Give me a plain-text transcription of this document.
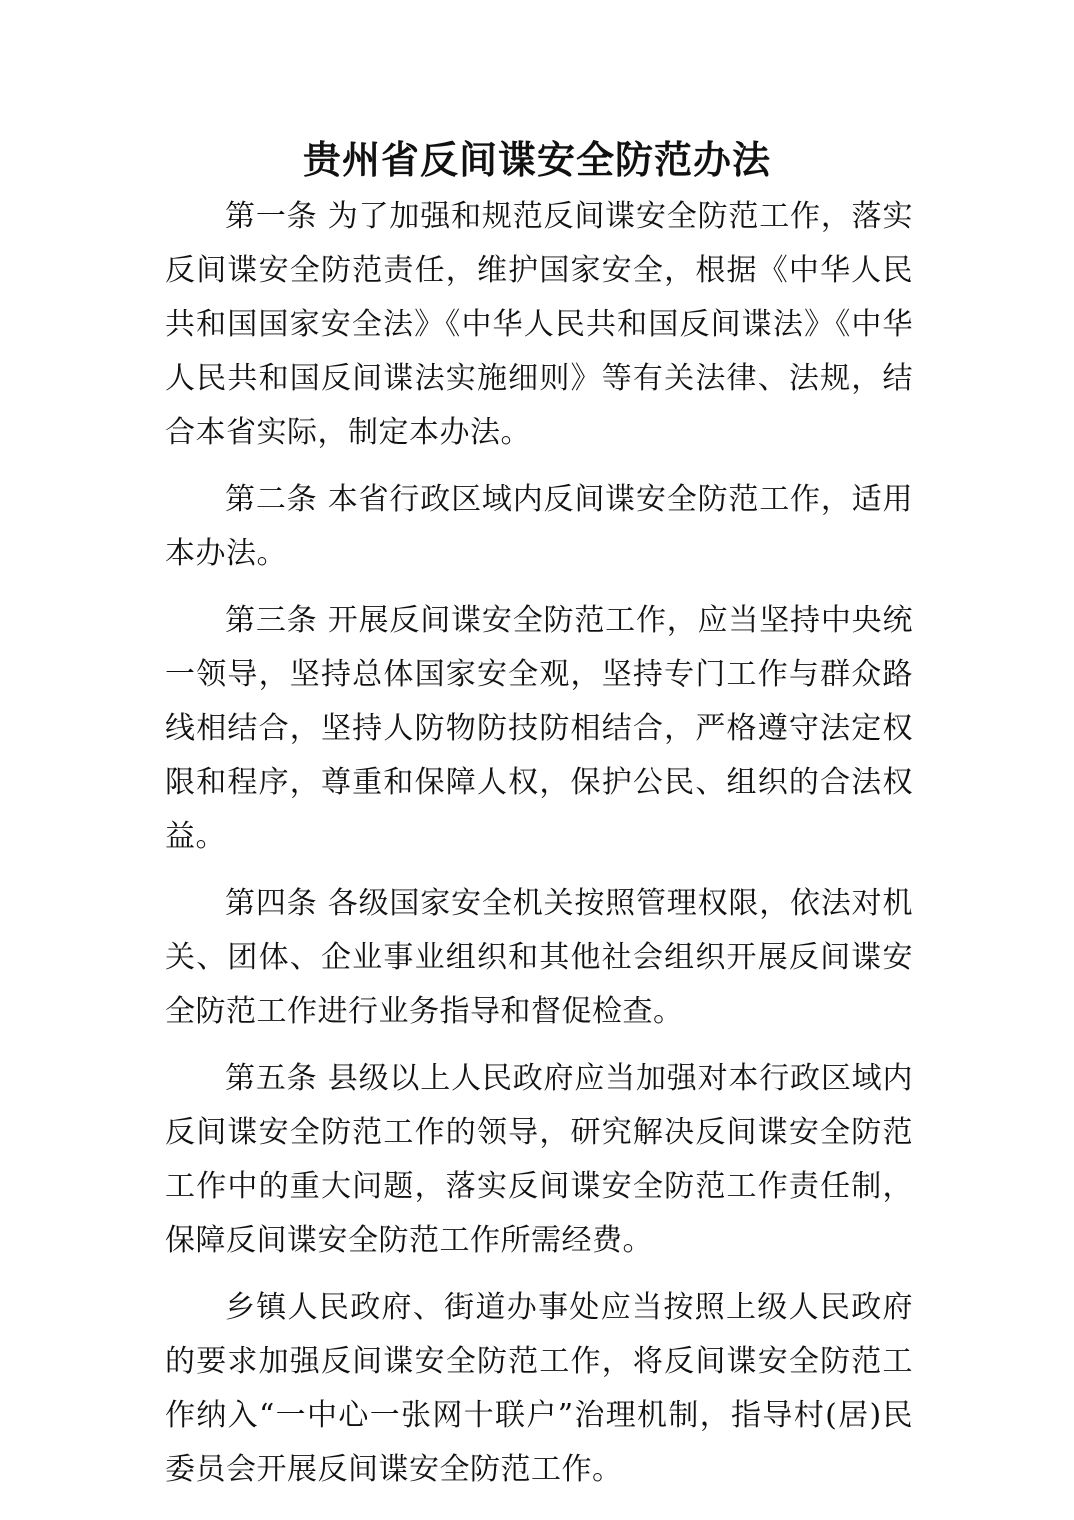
贵州省反间谍安全防范办法

第一条 为了加强和规范反间谍安全防范工作，落实反间谍安全防范责任，维护国家安全，根据《中华人民共和国国家安全法》《中华人民共和国反间谍法》《中华人民共和国反间谍法实施细则》等有关法律、法规，结合本省实际，制定本办法。

第二条 本省行政区域内反间谍安全防范工作，适用本办法。

第三条 开展反间谍安全防范工作，应当坚持中央统一领导，坚持总体国家安全观，坚持专门工作与群众路线相结合，坚持人防物防技防相结合，严格遵守法定权限和程序，尊重和保障人权，保护公民、组织的合法权益。

第四条 各级国家安全机关按照管理权限，依法对机关、团体、企业事业组织和其他社会组织开展反间谍安全防范工作进行业务指导和督促检查。

第五条 县级以上人民政府应当加强对本行政区域内反间谍安全防范工作的领导，研究解决反间谍安全防范工作中的重大问题，落实反间谍安全防范工作责任制，保障反间谍安全防范工作所需经费。

乡镇人民政府、街道办事处应当按照上级人民政府的要求加强反间谍安全防范工作，将反间谍安全防范工作纳入“一中心一张网十联户”治理机制，指导村(居)民委员会开展反间谍安全防范工作。
